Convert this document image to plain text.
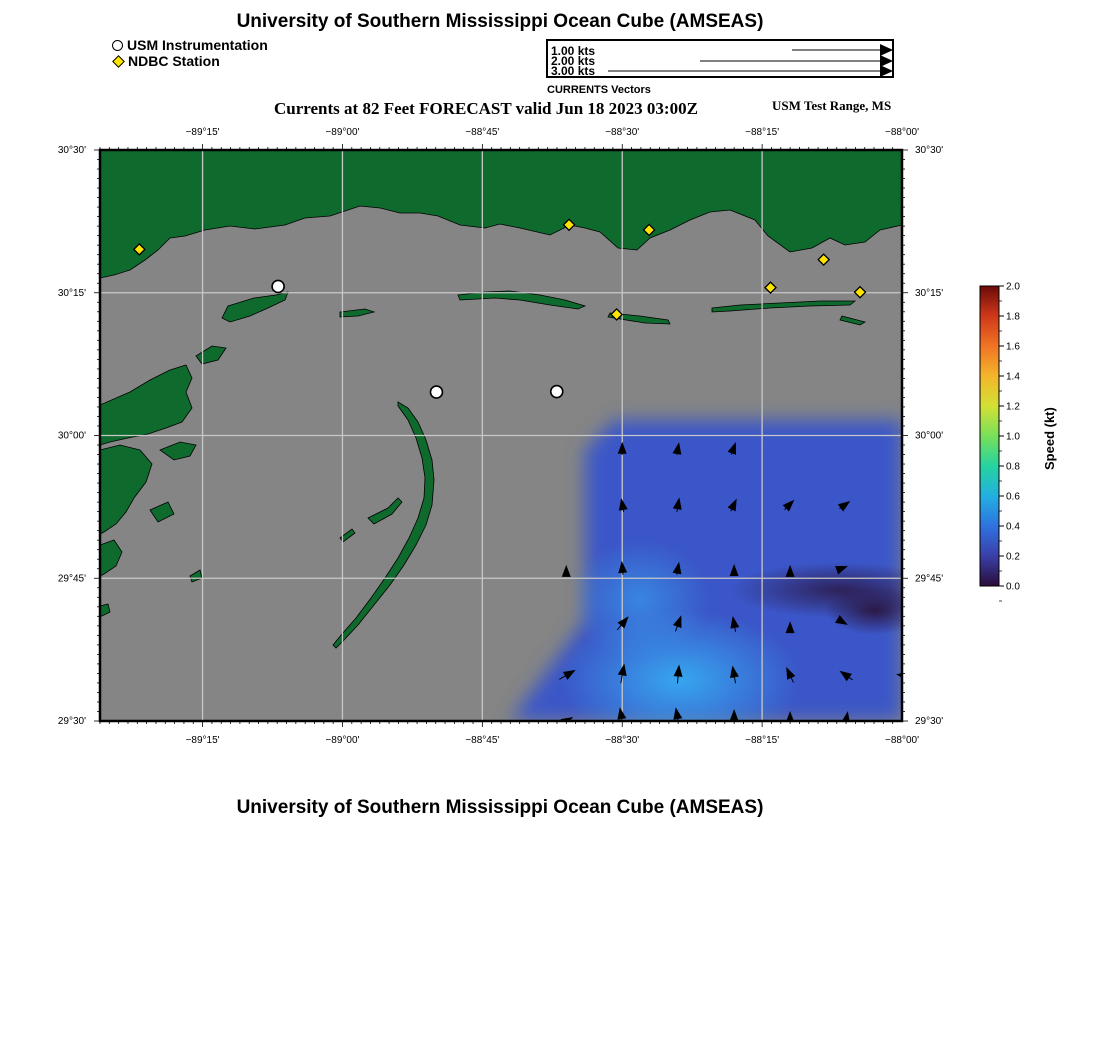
University of Southern Mississippi Ocean Cube (AMSEAS)
USM Instrumentation
NDBC Station
1.00 kts
2.00 kts
3.00 kts
CURRENTS Vectors
Currents at 82 Feet FORECAST valid Jun 18 2023 03:00Z	USM Test Range, MS
−89°15'
−89°15'
−89°00'
−89°00'
−88°45'
−88°45'
−88°30'
−88°30'
−88°15'
−88°15'
−88°00'
−88°00'
30°30'	30°30'
30°15'	30°15'
30°00'	30°00'
29°45'	29°45'
29°30'	29°30'
2.0
1.8
1.6
1.4
1.2
1.0
0.8
0.6
0.4
0.2
0.0
Speed (kt)
University of Southern Mississippi Ocean Cube (AMSEAS)
